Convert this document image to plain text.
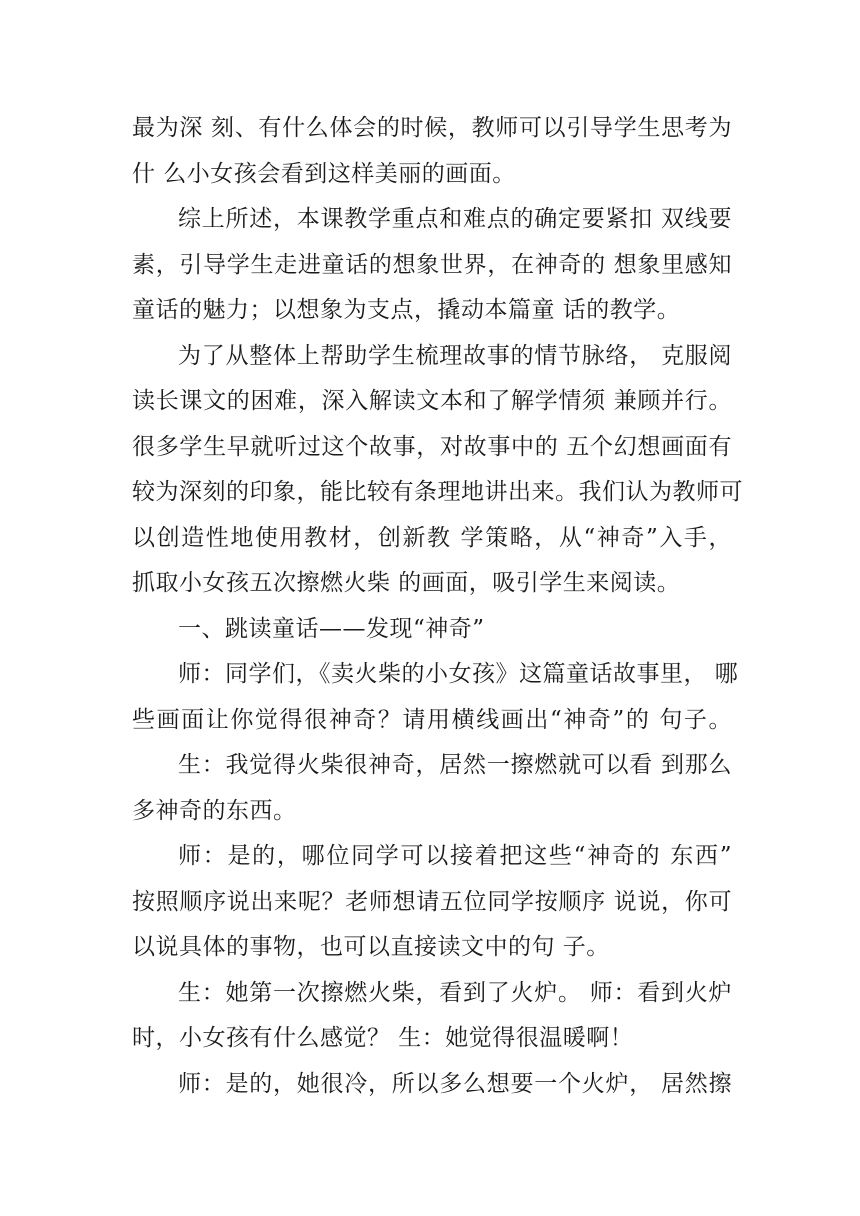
最为深 刻、有什么体会的时候，教师可以引导学生思考为
什 么小女孩会看到这样美丽的画面。
综上所述，本课教学重点和难点的确定要紧扣 双线要
素，引导学生走进童话的想象世界，在神奇的 想象里感知
童话的魅力；以想象为支点，撬动本篇童 话的教学。
为了从整体上帮助学生梳理故事的情节脉络， 克服阅
读长课文的困难，深入解读文本和了解学情须 兼顾并行。
很多学生早就听过这个故事，对故事中的 五个幻想画面有
较为深刻的印象，能比较有条理地讲出来。我们认为教师可
以创造性地使用教材，创新教 学策略，从“神奇”入手，
抓取小女孩五次擦燃火柴 的画面，吸引学生来阅读。
一、跳读童话——发现“神奇”
师：同学们，《卖火柴的小女孩》这篇童话故事里， 哪
些画面让你觉得很神奇？请用横线画出“神奇”的 句子。
生：我觉得火柴很神奇，居然一擦燃就可以看 到那么
多神奇的东西。
师：是的，哪位同学可以接着把这些“神奇的 东西”
按照顺序说出来呢？老师想请五位同学按顺序 说说，你可
以说具体的事物，也可以直接读文中的句 子。
生：她第一次擦燃火柴，看到了火炉。 师：看到火炉
时，小女孩有什么感觉？ 生：她觉得很温暖啊！
师：是的，她很冷，所以多么想要一个火炉， 居然擦
